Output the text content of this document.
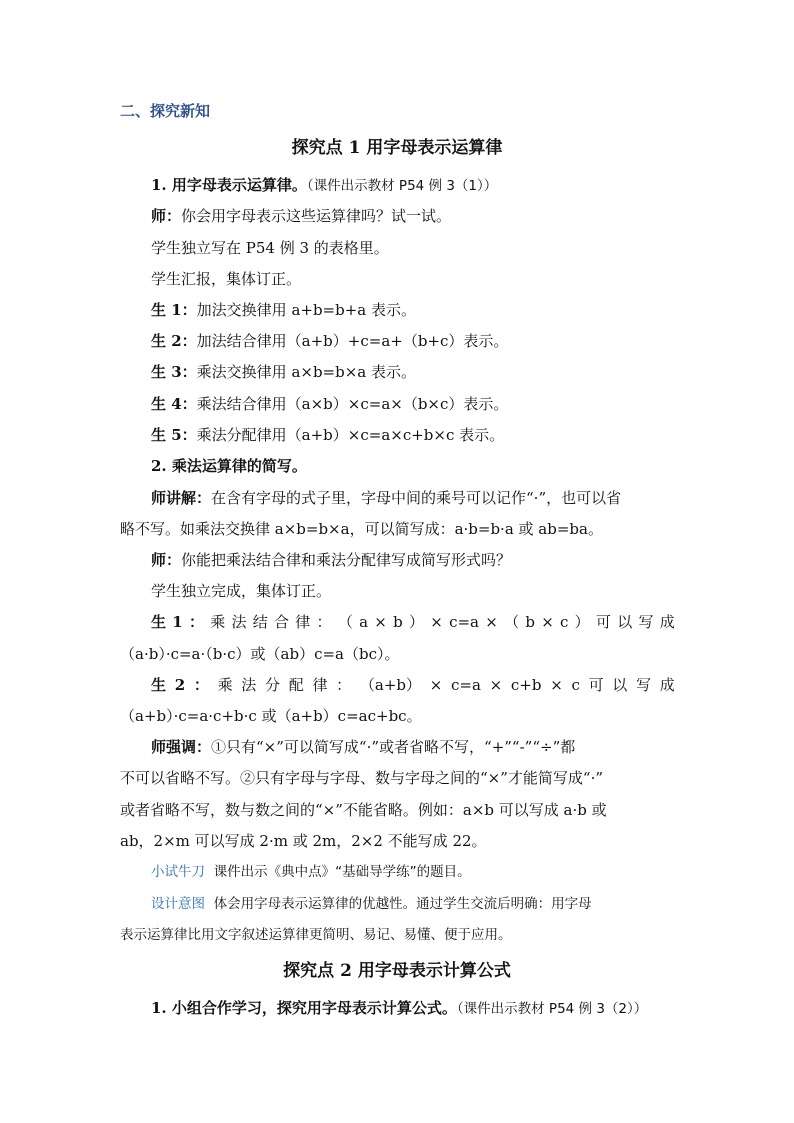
二、探究新知
探究点 1 用字母表示运算律
1. 用字母表示运算律。（课件出示教材 P54 例 3（1））
师：你会用字母表示这些运算律吗？试一试。
学生独立写在 P54 例 3 的表格里。
学生汇报，集体订正。
生 1：加法交换律用 a+b=b+a 表示。
生 2：加法结合律用（a+b）+c=a+（b+c）表示。
生 3：乘法交换律用 a×b=b×a 表示。
生 4：乘法结合律用（a×b）×c=a×（b×c）表示。
生 5：乘法分配律用（a+b）×c=a×c+b×c 表示。
2. 乘法运算律的简写。
师讲解：在含有字母的式子里，字母中间的乘号可以记作“·”，也可以省
略不写。如乘法交换律 a×b=b×a，可以简写成：a·b=b·a 或 ab=ba。
师：你能把乘法结合律和乘法分配律写成简写形式吗？
学生独立完成，集体订正。
生 1 ： 乘 法 结 合 律 ： （ a × b ） × c=a × （ b × c ） 可 以 写 成
（a·b）·c=a·（b·c）或（ab）c=a（bc）。
生 2 ： 乘 法 分 配 律 ： （a+b） × c=a × c+b × c 可 以 写 成
（a+b）·c=a·c+b·c 或（a+b）c=ac+bc。
师强调：①只有“×”可以简写成“·”或者省略不写，“+”“-”“÷”都
不可以省略不写。②只有字母与字母、数与字母之间的“×”才能简写成“·”
或者省略不写，数与数之间的“×”不能省略。例如：a×b 可以写成 a·b 或
ab，2×m 可以写成 2·m 或 2m，2×2 不能写成 22。
小试牛刀 课件出示《典中点》“基础导学练”的题目。
设计意图 体会用字母表示运算律的优越性。通过学生交流后明确：用字母
表示运算律比用文字叙述运算律更简明、易记、易懂、便于应用。
探究点 2 用字母表示计算公式
1. 小组合作学习，探究用字母表示计算公式。（课件出示教材 P54 例 3（2））
